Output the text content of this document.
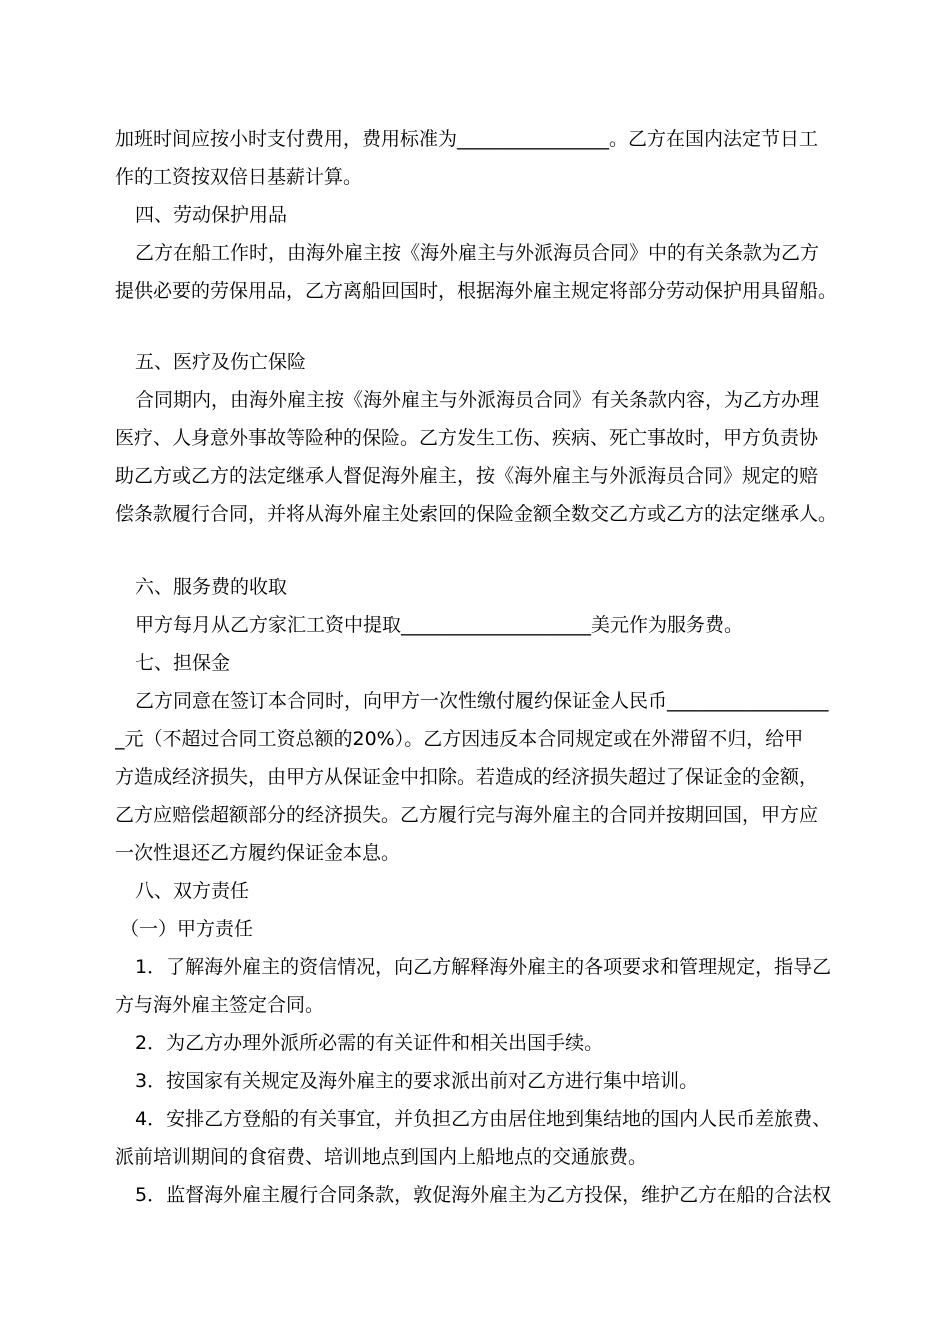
加班时间应按小时支付费用，费用标准为________________。乙方在国内法定节日工
作的工资按双倍日基薪计算。
四、劳动保护用品
乙方在船工作时，由海外雇主按《海外雇主与外派海员合同》中的有关条款为乙方
提供必要的劳保用品，乙方离船回国时，根据海外雇主规定将部分劳动保护用具留船。
五、医疗及伤亡保险
合同期内，由海外雇主按《海外雇主与外派海员合同》有关条款内容，为乙方办理
医疗、人身意外事故等险种的保险。乙方发生工伤、疾病、死亡事故时，甲方负责协
助乙方或乙方的法定继承人督促海外雇主，按《海外雇主与外派海员合同》规定的赔
偿条款履行合同，并将从海外雇主处索回的保险金额全数交乙方或乙方的法定继承人。
六、服务费的收取
甲方每月从乙方家汇工资中提取____________________美元作为服务费。
七、担保金
乙方同意在签订本合同时，向甲方一次性缴付履约保证金人民币_________________
_元（不超过合同工资总额的20%）。乙方因违反本合同规定或在外滞留不归，给甲
方造成经济损失，由甲方从保证金中扣除。若造成的经济损失超过了保证金的金额，
乙方应赔偿超额部分的经济损失。乙方履行完与海外雇主的合同并按期回国，甲方应
一次性退还乙方履约保证金本息。
八、双方责任
（一）甲方责任
1．了解海外雇主的资信情况，向乙方解释海外雇主的各项要求和管理规定，指导乙
方与海外雇主签定合同。
2．为乙方办理外派所必需的有关证件和相关出国手续。
3．按国家有关规定及海外雇主的要求派出前对乙方进行集中培训。
4．安排乙方登船的有关事宜，并负担乙方由居住地到集结地的国内人民币差旅费、
派前培训期间的食宿费、培训地点到国内上船地点的交通旅费。
5．监督海外雇主履行合同条款，敦促海外雇主为乙方投保，维护乙方在船的合法权
